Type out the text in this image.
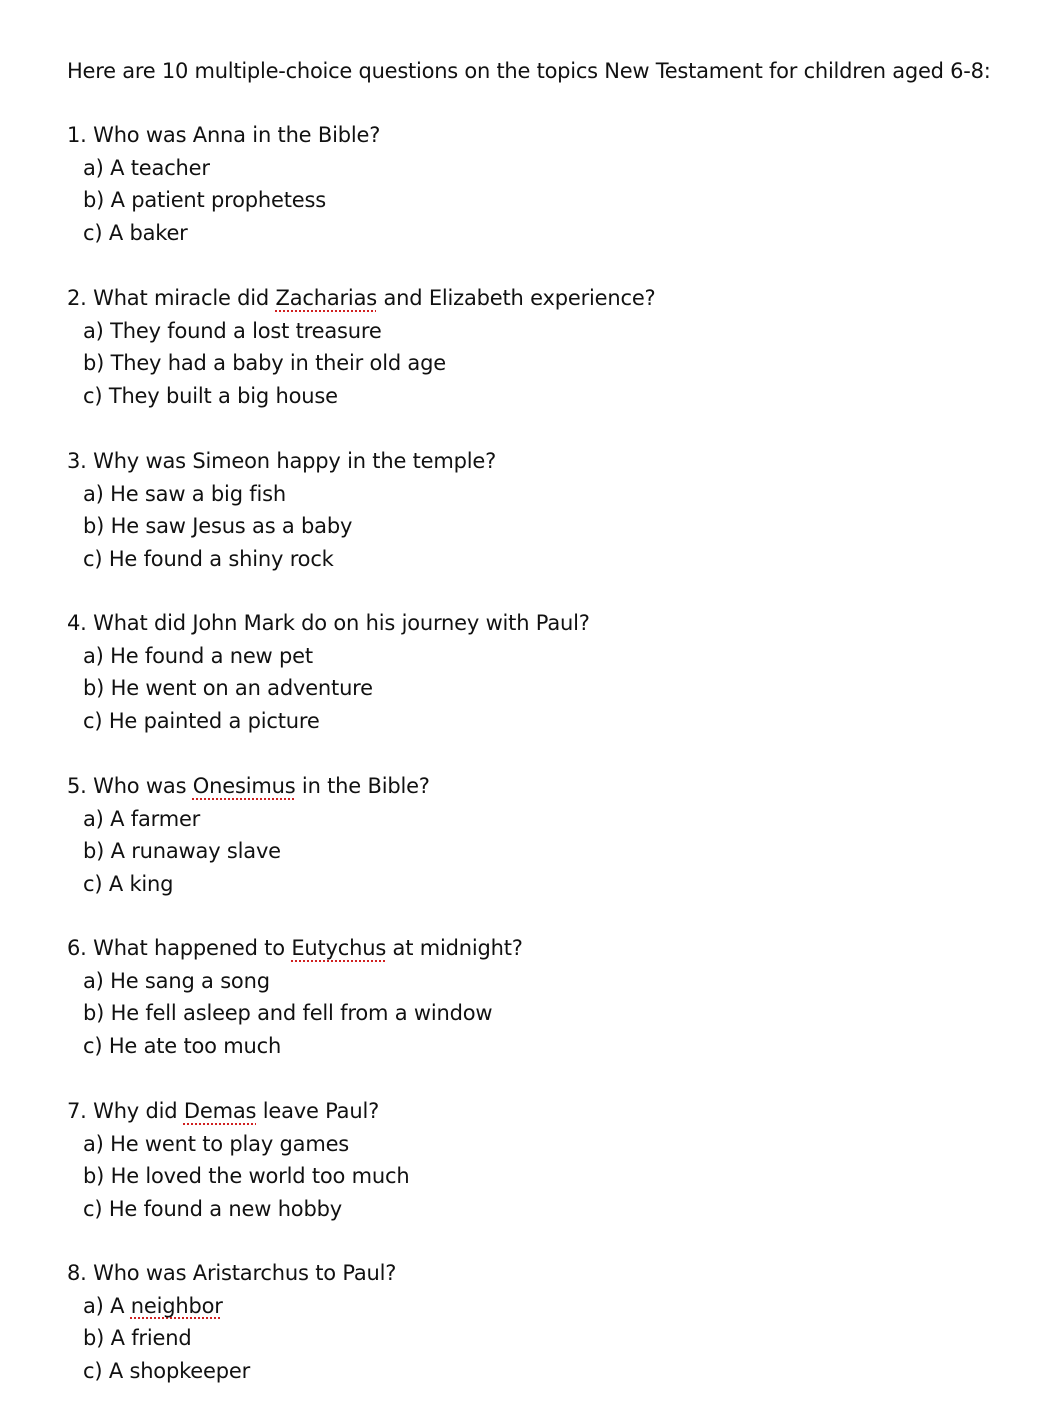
Here are 10 multiple-choice questions on the topics New Testament for children aged 6-8:
1. Who was Anna in the Bible?
a) A teacher
b) A patient prophetess
c) A baker
2. What miracle did Zacharias and Elizabeth experience?
a) They found a lost treasure
b) They had a baby in their old age
c) They built a big house
3. Why was Simeon happy in the temple?
a) He saw a big fish
b) He saw Jesus as a baby
c) He found a shiny rock
4. What did John Mark do on his journey with Paul?
a) He found a new pet
b) He went on an adventure
c) He painted a picture
5. Who was Onesimus in the Bible?
a) A farmer
b) A runaway slave
c) A king
6. What happened to Eutychus at midnight?
a) He sang a song
b) He fell asleep and fell from a window
c) He ate too much
7. Why did Demas leave Paul?
a) He went to play games
b) He loved the world too much
c) He found a new hobby
8. Who was Aristarchus to Paul?
a) A neighbor
b) A friend
c) A shopkeeper
